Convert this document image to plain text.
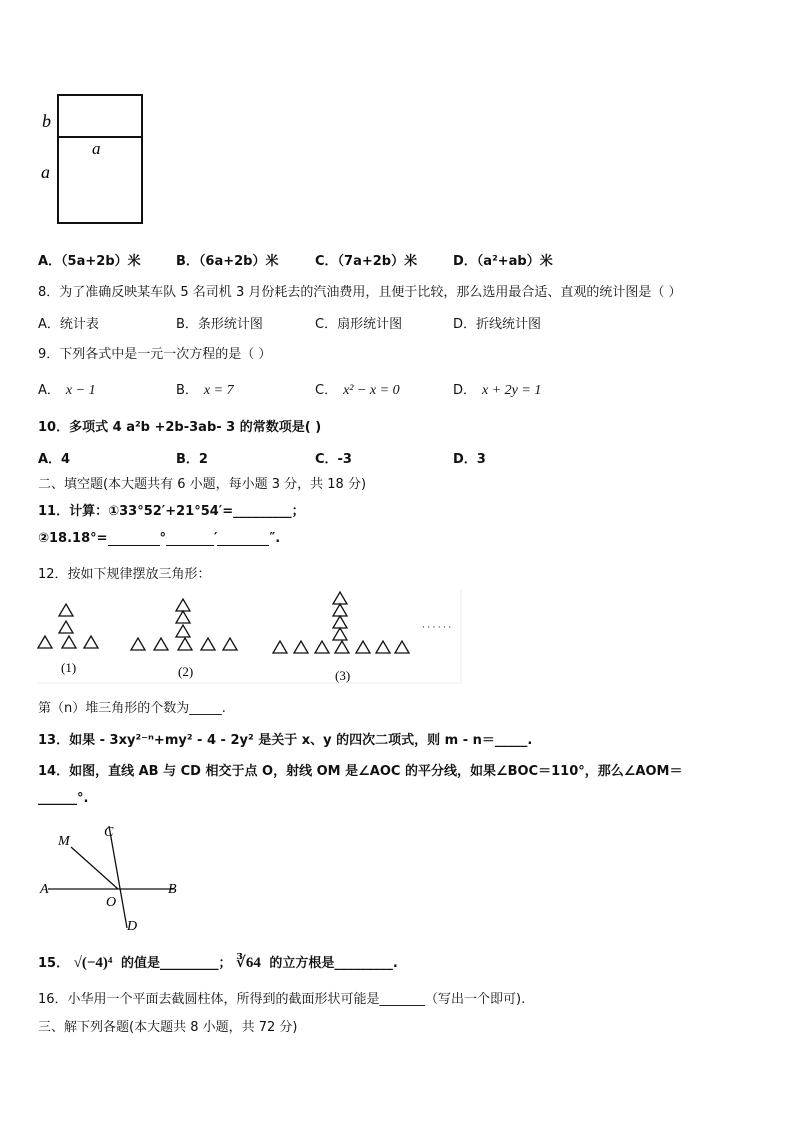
b
a
a
A．（5a+2b）米	B．（6a+2b）米	C．（7a+2b）米	D．（a²+ab）米
8．为了准确反映某车队 5 名司机 3 月份耗去的汽油费用，且便于比较，那么选用最合适、直观的统计图是（ ）
A．统计表	B．条形统计图	C．扇形统计图	D．折线统计图
9．下列各式中是一元一次方程的是（ ）
A． x − 1	B． x = 7	C． x² − x = 0	D． x + 2y = 1
10．多项式 4 a²b +2b-3ab- 3 的常数项是( )
A．4	B．2	C．-3	D．3
二、填空题(本大题共有 6 小题，每小题 3 分，共 18 分)
11．计算：①33°52′+21°54′=_________；
②18.18°=	°	′	″.
12．按如下规律摆放三角形：
(1)	(2)	(3)
· · · · · ·
第（n）堆三角形的个数为_____.
13．如果 - 3xy²⁻ⁿ+my² - 4 - 2y² 是关于 x、y 的四次二项式，则 m - n＝_____.
14．如图，直线 AB 与 CD 相交于点 O，射线 OM 是∠AOC 的平分线，如果∠BOC＝110°，那么∠AOM＝
______°.
M
C
A	B
O
D
15． √(−4)⁴ 的值是_________； ∛64 的立方根是_________.
16．小华用一个平面去截圆柱体，所得到的截面形状可能是_______（写出一个即可).
三、解下列各题(本大题共 8 小题，共 72 分)
